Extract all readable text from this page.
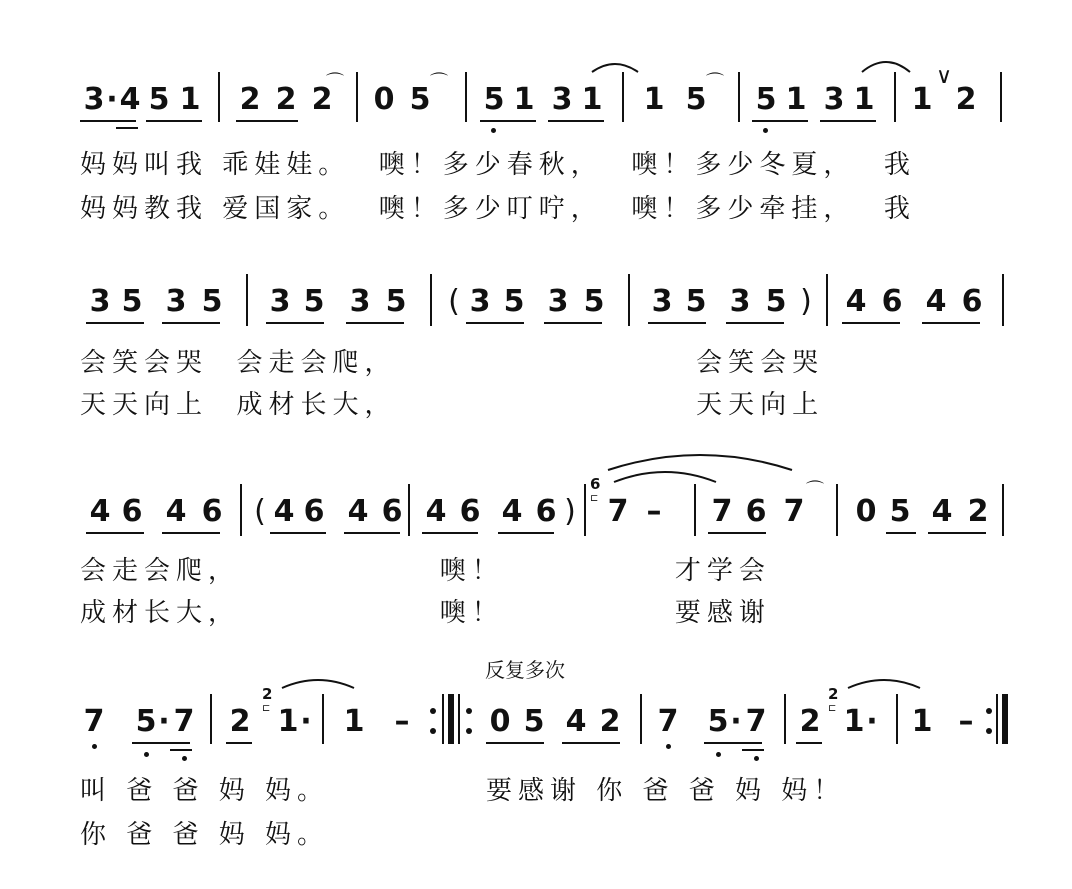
反复多次
3 · 4 5 1 2 2 2
⌒ 0 5 ⌒ 5 1 3 1 1 5 ⌒ 5 1 3 1 1
∨
2
妈妈叫我 乖娃娃。  噢！多少春秋，  噢！多少冬夏，  我
妈妈教我 爱国家。  噢！多少叮咛，  噢！多少牵挂，  我
3 5 3 5 3 5 3 5 ( 3 5 3 5 3 5 3 5 ) 4 6 4 6
会笑会哭  会走会爬，                     会笑会哭
天天向上  成材长大，                     天天向上
4 6 4 6 ( 4 6 4 6 4 6 4 6 )
6
⊏ 7 –	7 6 7
⌒
0 5 4 2
会走会爬，              噢！            才学会
成材长大，              噢！            要感谢
7 5 · 7 2
2
⊏ 1 · 1	–	0 5 4 2 7 5 · 7 2
2
⊏ 1 · 1 –
叫 爸 爸 妈 妈。           要感谢 你 爸 爸 妈 妈！
你 爸 爸 妈 妈。
